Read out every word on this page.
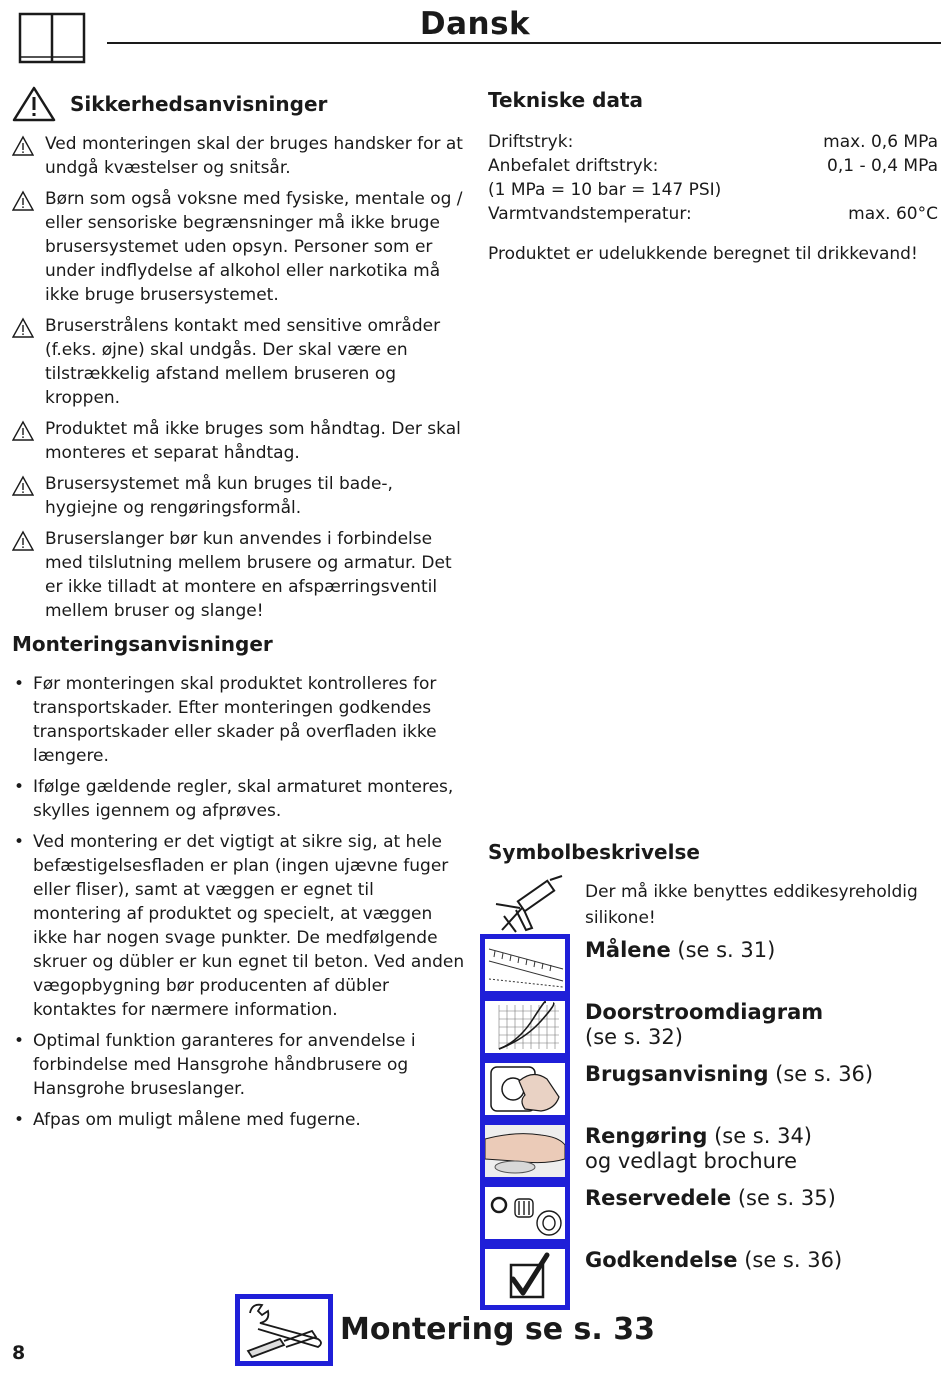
Dansk
Sikkerhedsanvisninger
Ved monteringen skal der bruges handsker for at undgå kvæstelser og snitsår.
Børn som også voksne med fysiske, mentale og / eller sensoriske begrænsninger må ikke bruge brusersystemet uden opsyn. Personer som er under indflydelse af alkohol eller narkotika må ikke bruge brusersystemet.
Bruserstrålens kontakt med sensitive områder (f.eks. øjne) skal undgås. Der skal være en tilstrækkelig afstand mellem bruseren og kroppen.
Produktet må ikke bruges som håndtag. Der skal monteres et separat håndtag.
Brusersystemet må kun bruges til bade-, hygiejne og rengøringsformål.
Bruserslanger bør kun anvendes i forbindelse med tilslutning mellem brusere og armatur. Det er ikke tilladt at montere en afspærringsventil mellem bruser og slange!
Monteringsanvisninger
• Før monteringen skal produktet kontrolleres for transportskader. Efter monteringen godkendes transportskader eller skader på overfladen ikke længere.
• Ifølge gældende regler, skal armaturet monteres, skylles igennem og afprøves.
• Ved montering er det vigtigt at sikre sig, at hele befæstigelsesfladen er plan (ingen ujævne fuger eller fliser), samt at væggen er egnet til montering af produktet og specielt, at væggen ikke har nogen svage punkter. De medfølgende skruer og dübler er kun egnet til beton. Ved anden vægopbygning bør producenten af dübler kontaktes for nærmere information.
• Optimal funktion garanteres for anvendelse i forbindelse med Hansgrohe håndbrusere og Hansgrohe bruseslanger.
• Afpas om muligt målene med fugerne.
Tekniske data
Driftstryk:	max. 0,6 MPa
Anbefalet driftstryk:	0,1 - 0,4 MPa
(1 MPa = 10 bar = 147 PSI)
Varmtvandstemperatur:	max. 60°C
Produktet er udelukkende beregnet til drikkevand!
Symbolbeskrivelse
Der må ikke benyttes eddikesyreholdig silikone!
Målene (se s. 31)
Doorstroomdiagram
(se s. 32)
Brugsanvisning (se s. 36)
Rengøring (se s. 34)
og vedlagt brochure
Reservedele (se s. 35)
Godkendelse (se s. 36)
Montering se s. 33
8
